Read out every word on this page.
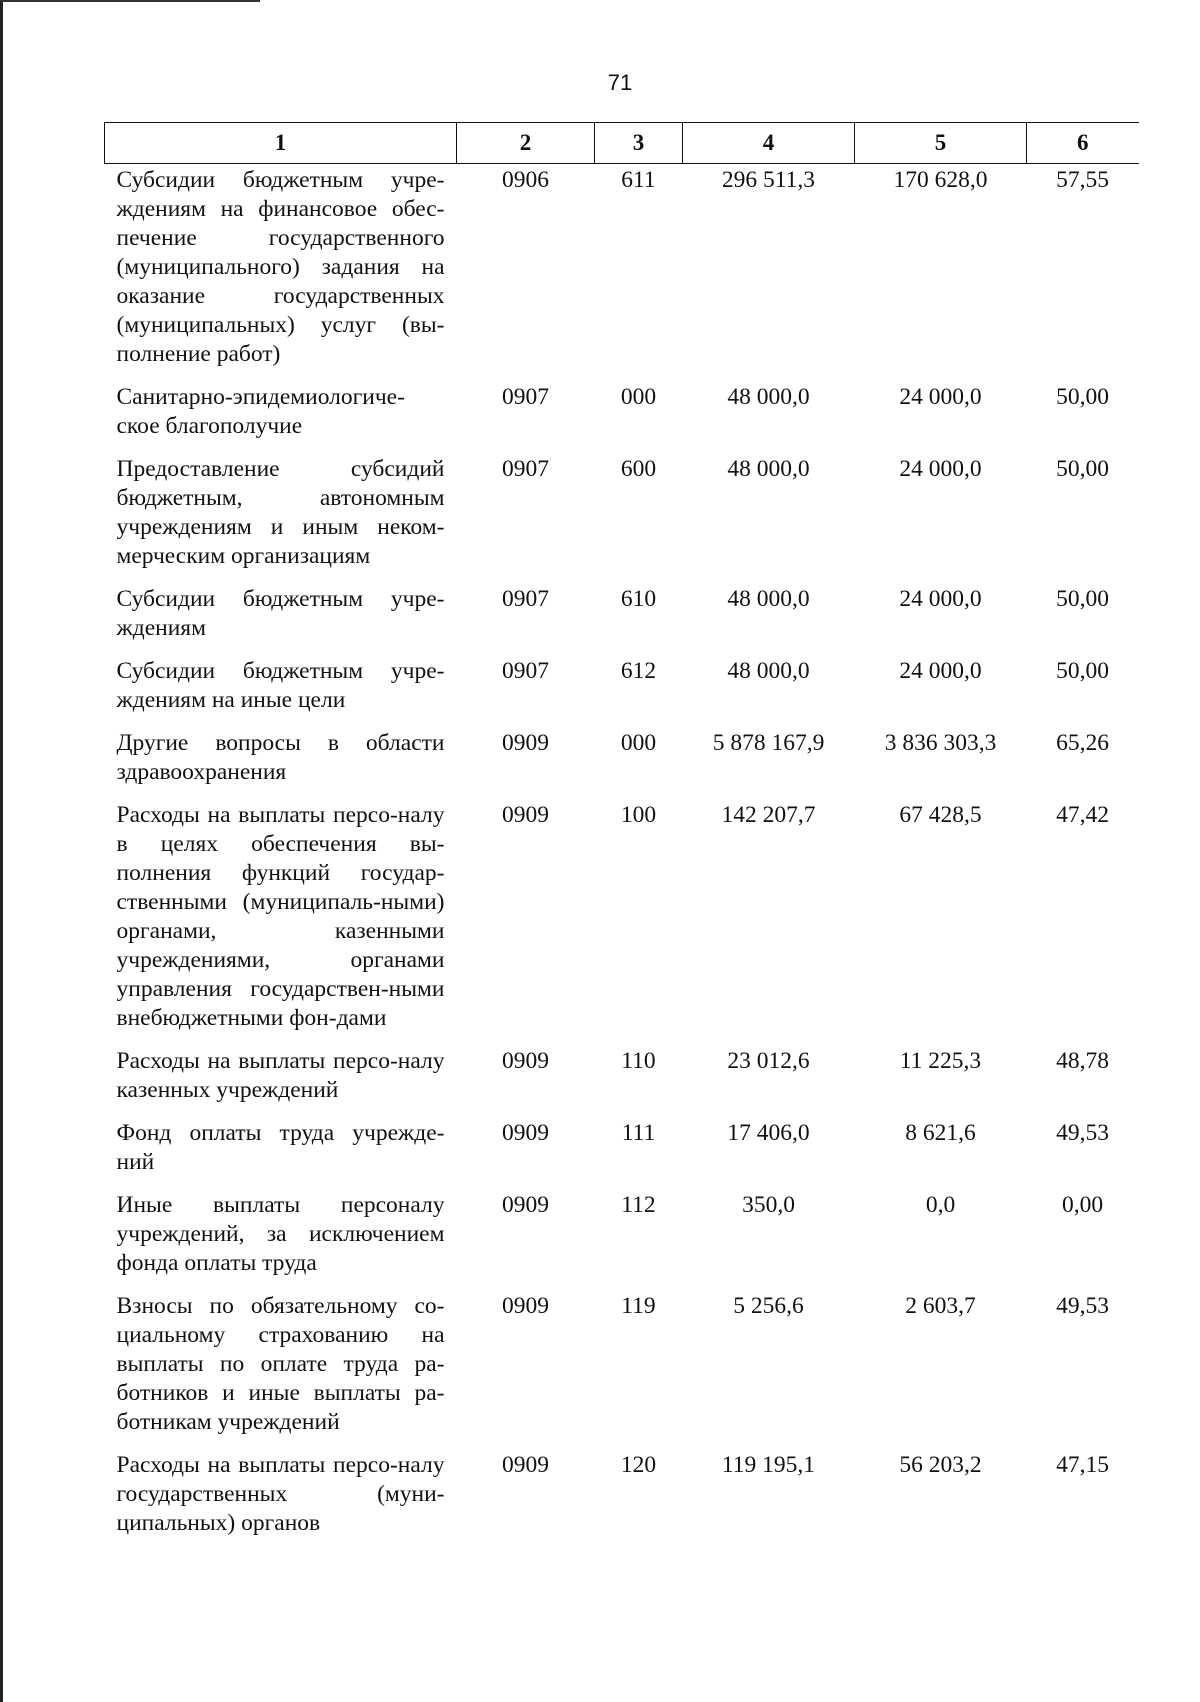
71
1	2	3	4	5	6
Субсидии бюджетным учре-ждениям на финансовое обес-печение государственного (муниципального) задания на оказание государственных (муниципальных) услуг (вы-полнение работ)	0906	611	296 511,3	170 628,0	57,55
Санитарно-эпидемиологиче-ское благополучие	0907	000	48 000,0	24 000,0	50,00
Предоставление субсидий бюджетным, автономным учреждениям и иным неком-мерческим организациям	0907	600	48 000,0	24 000,0	50,00
Субсидии бюджетным учре-ждениям	0907	610	48 000,0	24 000,0	50,00
Субсидии бюджетным учре-ждениям на иные цели	0907	612	48 000,0	24 000,0	50,00
Другие вопросы в области здравоохранения	0909	000	5 878 167,9	3 836 303,3	65,26
Расходы на выплаты персо-налу в целях обеспечения вы-полнения функций государ-ственными (муниципаль-ными) органами, казенными учреждениями, органами управления государствен-ными внебюджетными фон-дами	0909	100	142 207,7	67 428,5	47,42
Расходы на выплаты персо-налу казенных учреждений	0909	110	23 012,6	11 225,3	48,78
Фонд оплаты труда учрежде-ний	0909	111	17 406,0	8 621,6	49,53
Иные выплаты персоналу учреждений, за исключением фонда оплаты труда	0909	112	350,0	0,0	0,00
Взносы по обязательному со-циальному страхованию на выплаты по оплате труда ра-ботников и иные выплаты ра-ботникам учреждений	0909	119	5 256,6	2 603,7	49,53
Расходы на выплаты персо-налу государственных (муни-ципальных) органов	0909	120	119 195,1	56 203,2	47,15
